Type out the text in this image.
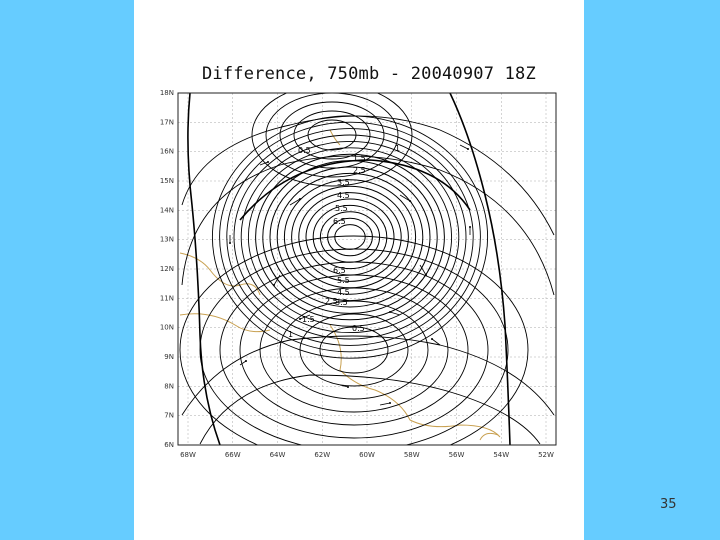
Difference, 750mb - 20040907 18Z
18N
17N
16N
15N
14N
13N
12N
11N
10N
9N
8N
7N
6N
68W	66W	64W	62W	60W	58W	56W	54W	52W
0.5	1
1.5
2.5
3.5
4.5
5.5
6.5
6.5
5.5
4.5
3.5
2.5
1.5
1
0.5
35
